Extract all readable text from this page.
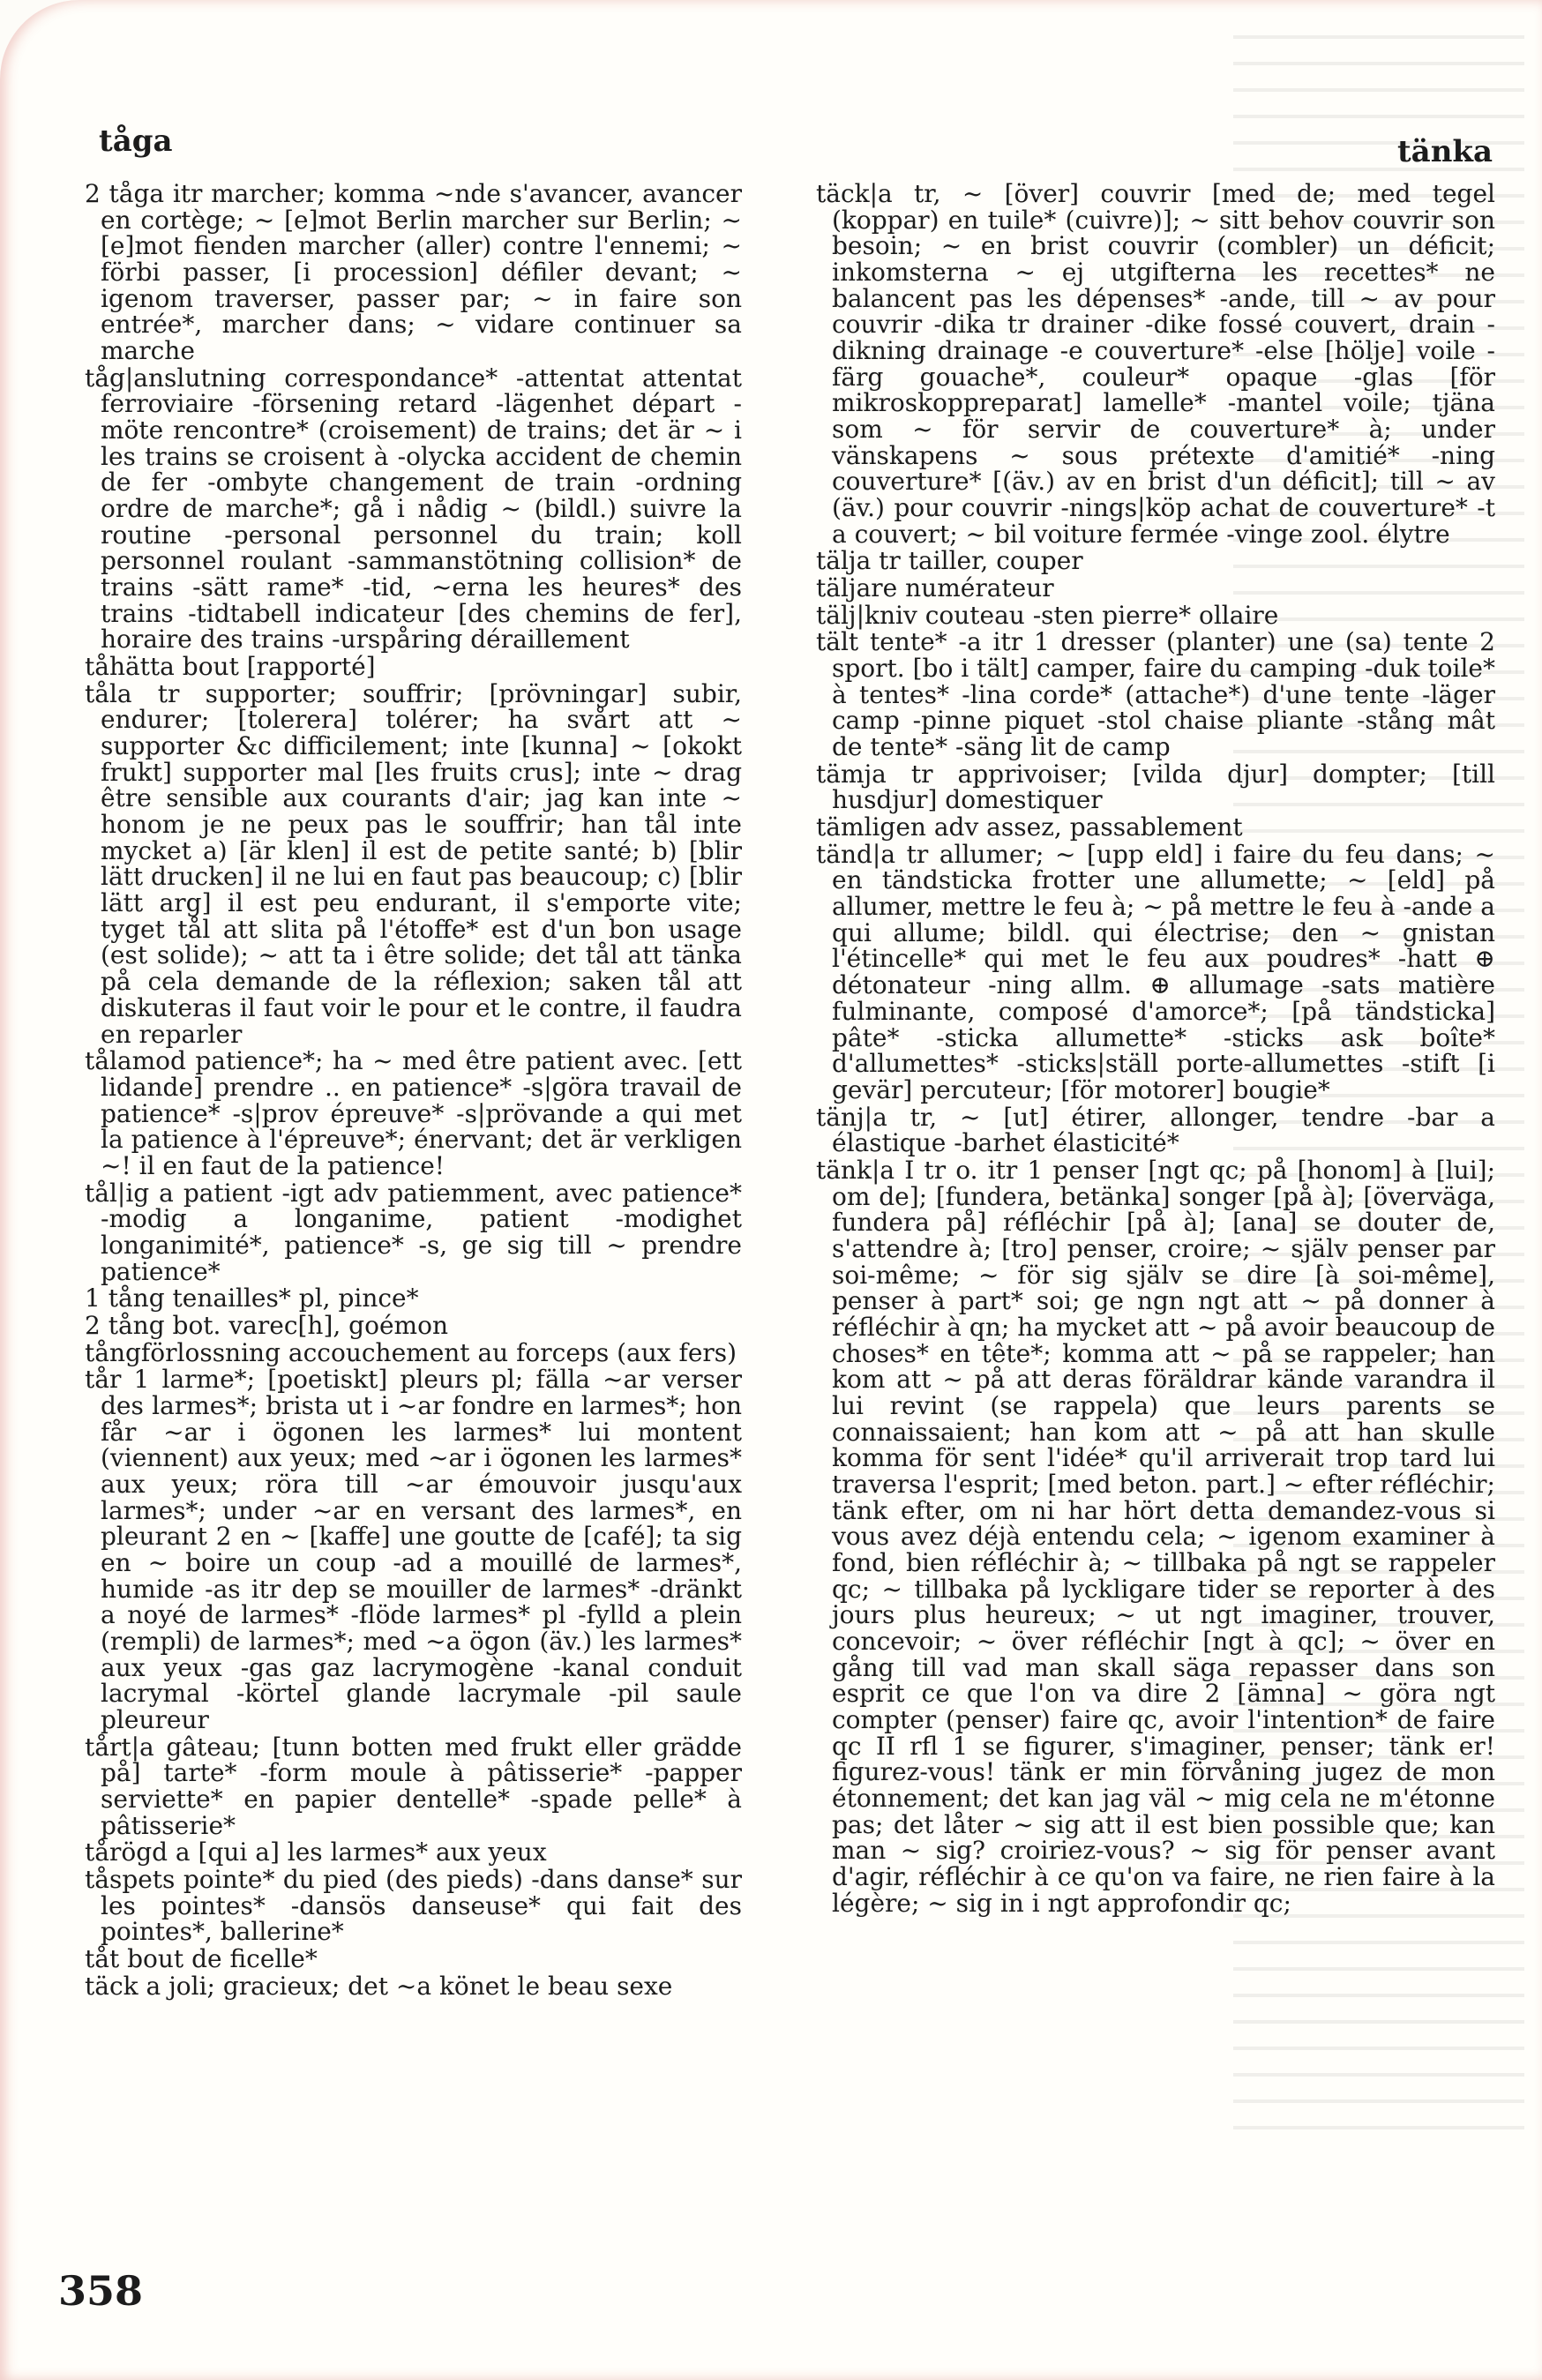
tåga	tänka

2 tåga itr marcher; komma ~nde s'avancer, avancer en cortège; ~ [e]mot Berlin marcher sur Berlin; ~ [e]mot fienden marcher (aller) contre l'ennemi; ~ förbi passer, [i procession] défiler devant; ~ igenom traverser, passer par; ~ in faire son entrée*, marcher dans; ~ vidare continuer sa marche

tåg|anslutning correspondance* -attentat attentat ferroviaire -försening retard -lägenhet départ -möte rencontre* (croisement) de trains; det är ~ i les trains se croisent à -olycka accident de chemin de fer -ombyte changement de train -ordning ordre de marche*; gå i nådig ~ (bildl.) suivre la routine -personal personnel du train; koll personnel roulant -sammanstötning collision* de trains -sätt rame* -tid, ~erna les heures* des trains -tidtabell indicateur [des chemins de fer], horaire des trains -urspåring déraillement

tåhätta bout [rapporté]

tåla tr supporter; souffrir; [prövningar] subir, endurer; [tolerera] tolérer; ha svårt att ~ supporter &c difficilement; inte [kunna] ~ [okokt frukt] supporter mal [les fruits crus]; inte ~ drag être sensible aux courants d'air; jag kan inte ~ honom je ne peux pas le souffrir; han tål inte mycket a) [är klen] il est de petite santé; b) [blir lätt drucken] il ne lui en faut pas beaucoup; c) [blir lätt arg] il est peu endurant, il s'emporte vite; tyget tål att slita på l'étoffe* est d'un bon usage (est solide); ~ att ta i être solide; det tål att tänka på cela demande de la réflexion; saken tål att diskuteras il faut voir le pour et le contre, il faudra en reparler

tålamod patience*; ha ~ med être patient avec. [ett lidande] prendre .. en patience* -s|göra travail de patience* -s|prov épreuve* -s|prövande a qui met la patience à l'épreuve*; énervant; det är verkligen ~! il en faut de la patience!

tål|ig a patient -igt adv patiemment, avec patience* -modig a longanime, patient -modighet longanimité*, patience* -s, ge sig till ~ prendre patience*

1 tång tenailles* pl, pince*

2 tång bot. varec[h], goémon

tångförlossning accouchement au forceps (aux fers)

tår 1 larme*; [poetiskt] pleurs pl; fälla ~ar verser des larmes*; brista ut i ~ar fondre en larmes*; hon får ~ar i ögonen les larmes* lui montent (viennent) aux yeux; med ~ar i ögonen les larmes* aux yeux; röra till ~ar émouvoir jusqu'aux larmes*; under ~ar en versant des larmes*, en pleurant 2 en ~ [kaffe] une goutte de [café]; ta sig en ~ boire un coup -ad a mouillé de larmes*, humide -as itr dep se mouiller de larmes* -dränkt a noyé de larmes* -flöde larmes* pl -fylld a plein (rempli) de larmes*; med ~a ögon (äv.) les larmes* aux yeux -gas gaz lacrymogène -kanal conduit lacrymal -körtel glande lacrymale -pil saule pleureur

tårt|a gâteau; [tunn botten med frukt eller grädde på] tarte* -form moule à pâtisserie* -papper serviette* en papier dentelle* -spade pelle* à pâtisserie*

tårögd a [qui a] les larmes* aux yeux

tåspets pointe* du pied (des pieds) -dans danse* sur les pointes* -dansös danseuse* qui fait des pointes*, ballerine*

tåt bout de ficelle*

täck a joli; gracieux; det ~a könet le beau sexe

täck|a tr, ~ [över] couvrir [med de; med tegel (koppar) en tuile* (cuivre)]; ~ sitt behov couvrir son besoin; ~ en brist couvrir (combler) un déficit; inkomsterna ~ ej utgifterna les recettes* ne balancent pas les dépenses* -ande, till ~ av pour couvrir -dika tr drainer -dike fossé couvert, drain -dikning drainage -e couverture* -else [hölje] voile -färg gouache*, couleur* opaque -glas [för mikroskoppreparat] lamelle* -mantel voile; tjäna som ~ för servir de couverture* à; under vänskapens ~ sous prétexte d'amitié* -ning couverture* [(äv.) av en brist d'un déficit]; till ~ av (äv.) pour couvrir -nings|köp achat de couverture* -t a couvert; ~ bil voiture fermée -vinge zool. élytre

tälja tr tailler, couper

täljare numérateur

tälj|kniv couteau -sten pierre* ollaire

tält tente* -a itr 1 dresser (planter) une (sa) tente 2 sport. [bo i tält] camper, faire du camping -duk toile* à tentes* -lina corde* (attache*) d'une tente -läger camp -pinne piquet -stol chaise pliante -stång mât de tente* -säng lit de camp

tämja tr apprivoiser; [vilda djur] dompter; [till husdjur] domestiquer

tämligen adv assez, passablement

tänd|a tr allumer; ~ [upp eld] i faire du feu dans; ~ en tändsticka frotter une allumette; ~ [eld] på allumer, mettre le feu à; ~ på mettre le feu à -ande a qui allume; bildl. qui électrise; den ~ gnistan l'étincelle* qui met le feu aux poudres* -hatt ⊕ détonateur -ning allm. ⊕ allumage -sats matière fulminante, composé d'amorce*; [på tändsticka] pâte* -sticka allumette* -sticks ask boîte* d'allumettes* -sticks|ställ porte-allumettes -stift [i gevär] percuteur; [för motorer] bougie*

tänj|a tr, ~ [ut] étirer, allonger, tendre -bar a élastique -barhet élasticité*

tänk|a I tr o. itr 1 penser [ngt qc; på [honom] à [lui]; om de]; [fundera, betänka] songer [på à]; [överväga, fundera på] réfléchir [på à]; [ana] se douter de, s'attendre à; [tro] penser, croire; ~ själv penser par soi-même; ~ för sig själv se dire [à soi-même], penser à part* soi; ge ngn ngt att ~ på donner à réfléchir à qn; ha mycket att ~ på avoir beaucoup de choses* en tête*; komma att ~ på se rappeler; han kom att ~ på att deras föräldrar kände varandra il lui revint (se rappela) que leurs parents se connaissaient; han kom att ~ på att han skulle komma för sent l'idée* qu'il arriverait trop tard lui traversa l'esprit; [med beton. part.] ~ efter réfléchir; tänk efter, om ni har hört detta demandez-vous si vous avez déjà entendu cela; ~ igenom examiner à fond, bien réfléchir à; ~ tillbaka på ngt se rappeler qc; ~ tillbaka på lyckligare tider se reporter à des jours plus heureux; ~ ut ngt imaginer, trouver, concevoir; ~ över réfléchir [ngt à qc]; ~ över en gång till vad man skall säga repasser dans son esprit ce que l'on va dire 2 [ämna] ~ göra ngt compter (penser) faire qc, avoir l'intention* de faire qc II rfl 1 se figurer, s'imaginer, penser; tänk er! figurez-vous! tänk er min förvåning jugez de mon étonnement; det kan jag väl ~ mig cela ne m'étonne pas; det låter ~ sig att il est bien possible que; kan man ~ sig? croiriez-vous? ~ sig för penser avant d'agir, réfléchir à ce qu'on va faire, ne rien faire à la légère; ~ sig in i ngt approfondir qc;

358
